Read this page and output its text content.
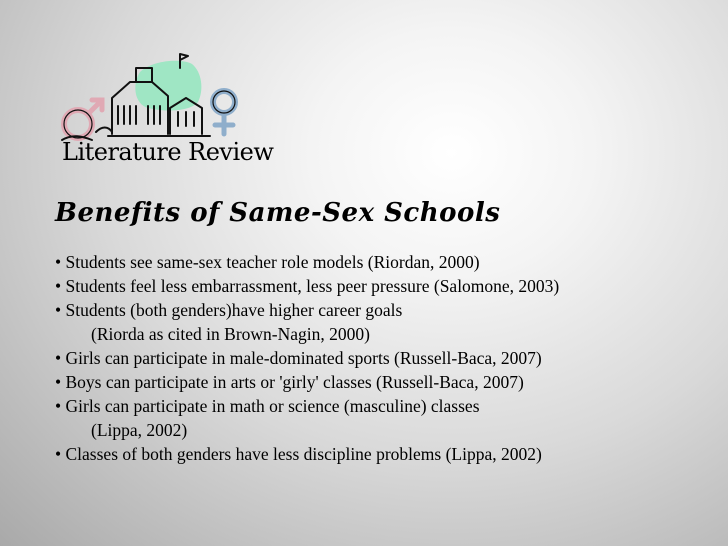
Literature Review
Benefits of Same-Sex Schools
• Students see same-sex teacher role models (Riordan, 2000)
• Students feel less embarrassment, less peer pressure (Salomone, 2003)
• Students (both genders)have higher career goals
(Riorda as cited in Brown-Nagin, 2000)
• Girls can participate in male-dominated sports (Russell-Baca, 2007)
• Boys can participate in arts or 'girly' classes (Russell-Baca, 2007)
• Girls can participate in math or science (masculine) classes
(Lippa, 2002)
• Classes of both genders have less discipline problems (Lippa, 2002)
